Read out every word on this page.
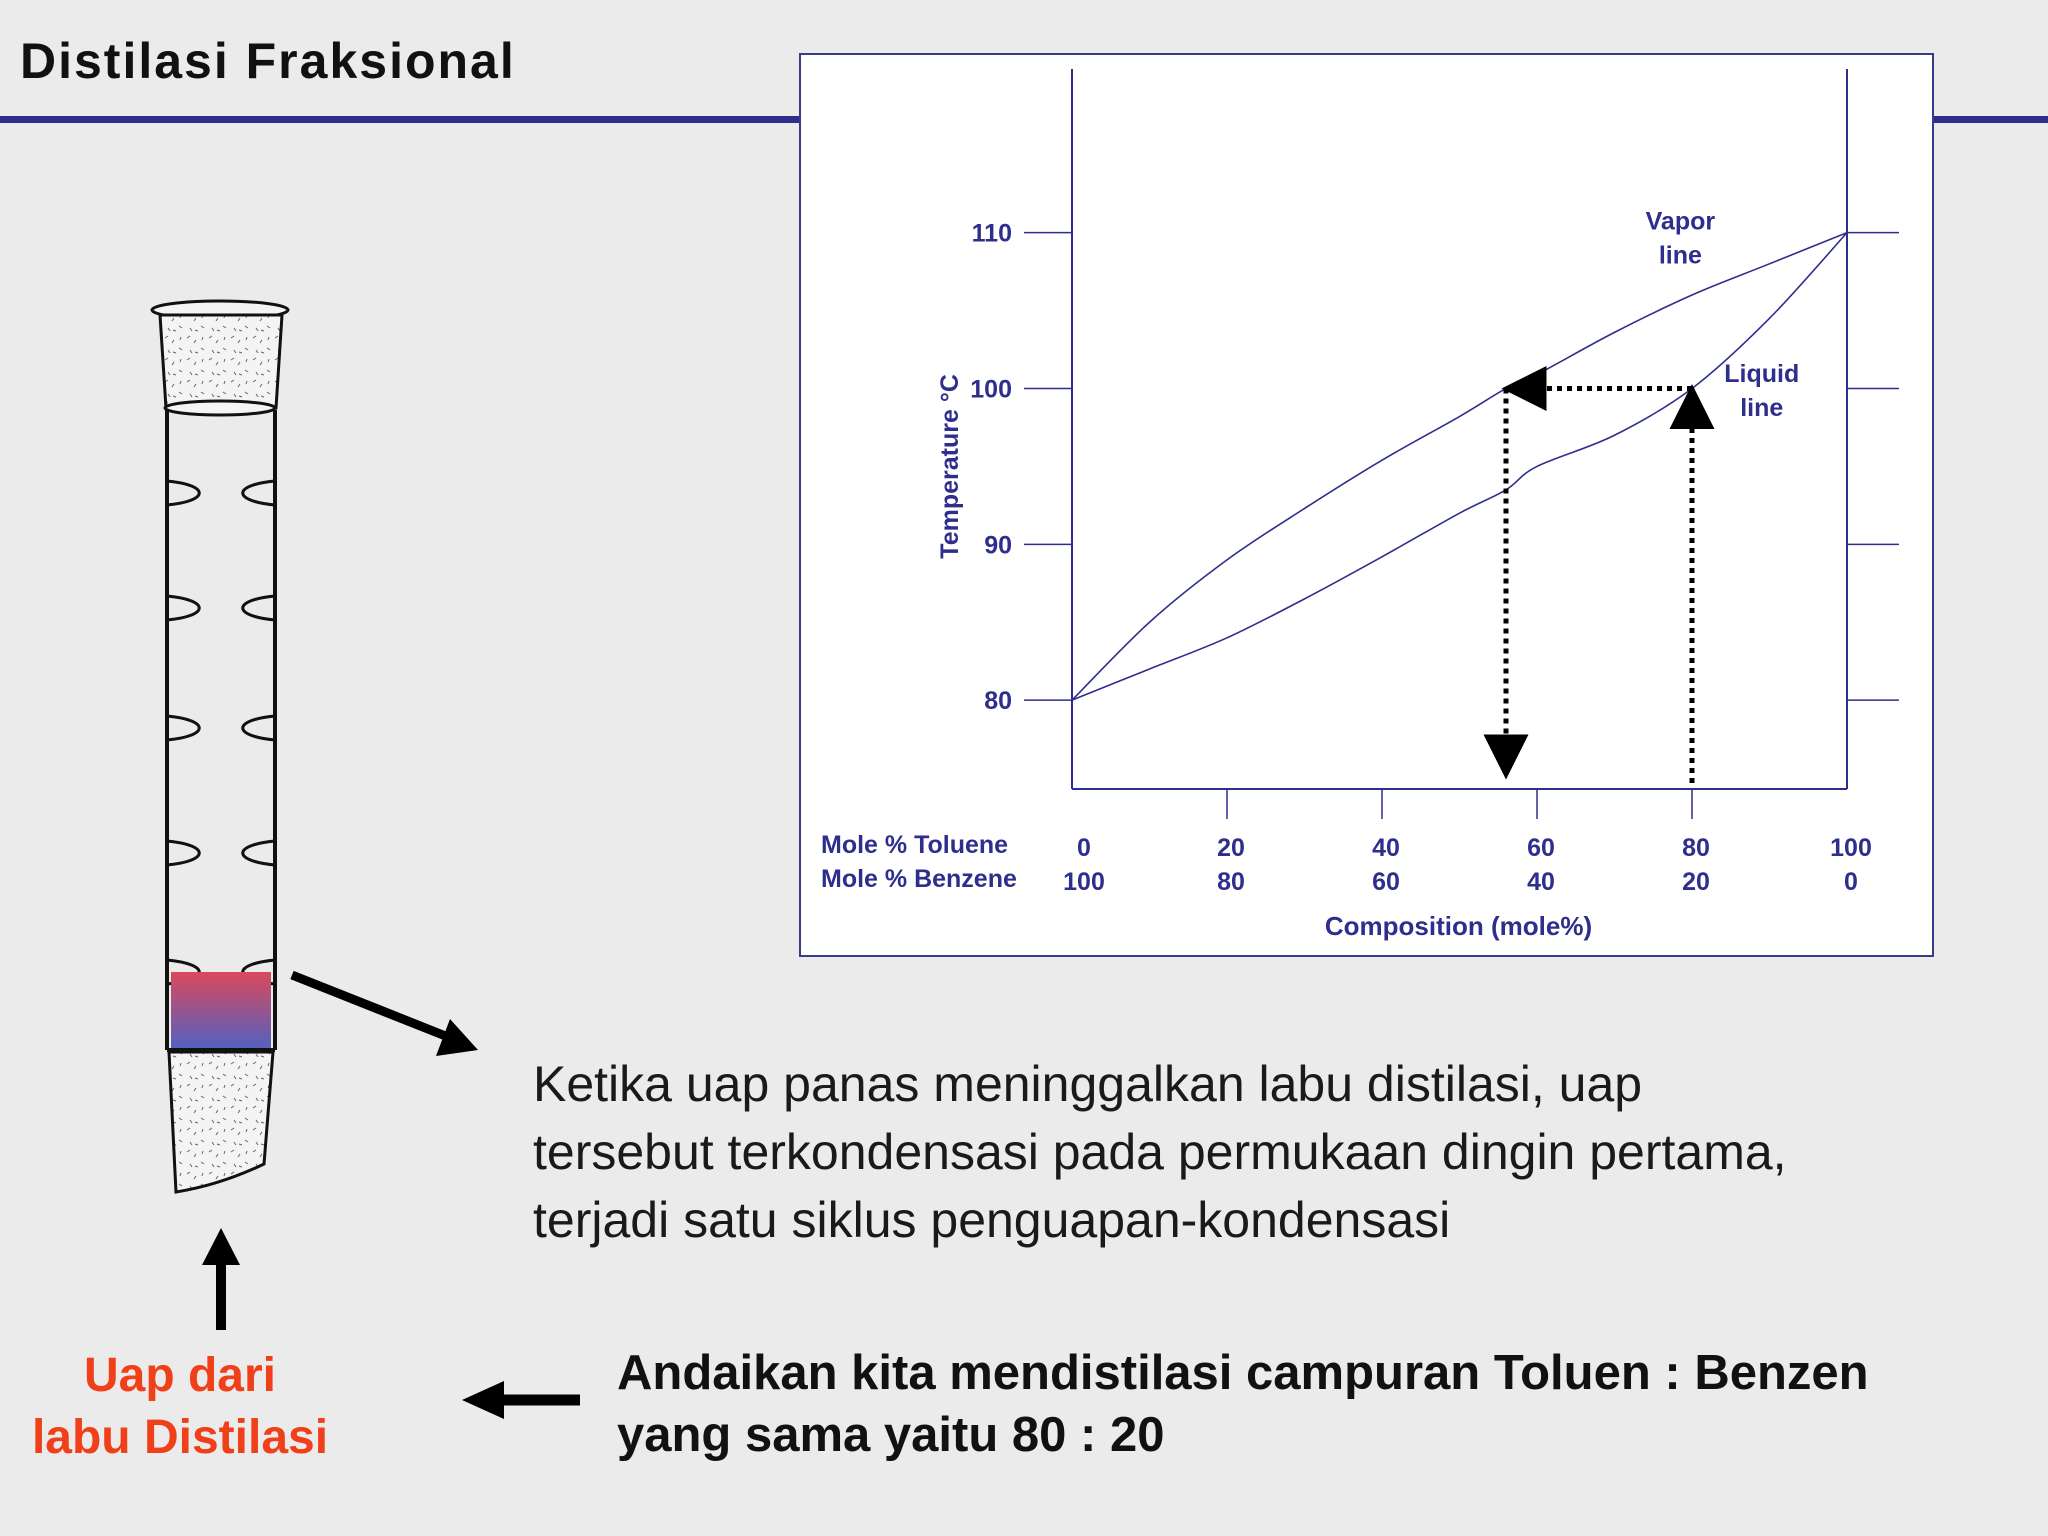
Distilasi Fraksional
80
90
100
110
0
100
20
80
40
60
60
40
80
20
100
0
Mole % Toluene
Mole % Benzene
Composition (mole%)
Temperature °C
Vapor
line
Liquid
line
Ketika uap panas meninggalkan labu distilasi, uap
tersebut terkondensasi pada permukaan dingin pertama,
terjadi satu siklus penguapan-kondensasi
Andaikan kita mendistilasi campuran Toluen : Benzen
yang sama yaitu 80 : 20
Uap dari
labu Distilasi
